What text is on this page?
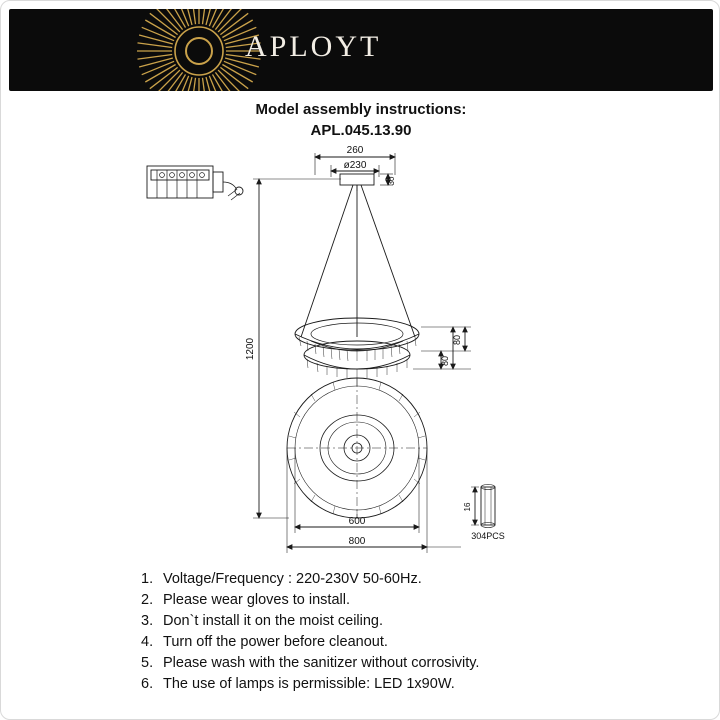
APLOYT
Model assembly instructions:
APL.045.13.90
260
ø230
30
1200	80
80
600
800
16
304PCS
1. Voltage/Frequency : 220-230V 50-60Hz.
2. Please wear gloves to install.
3. Don`t install it on the moist ceiling.
4. Turn off the power before cleanout.
5. Please wash with the sanitizer without corrosivity.
6. The use of lamps is permissible: LED 1x90W.
